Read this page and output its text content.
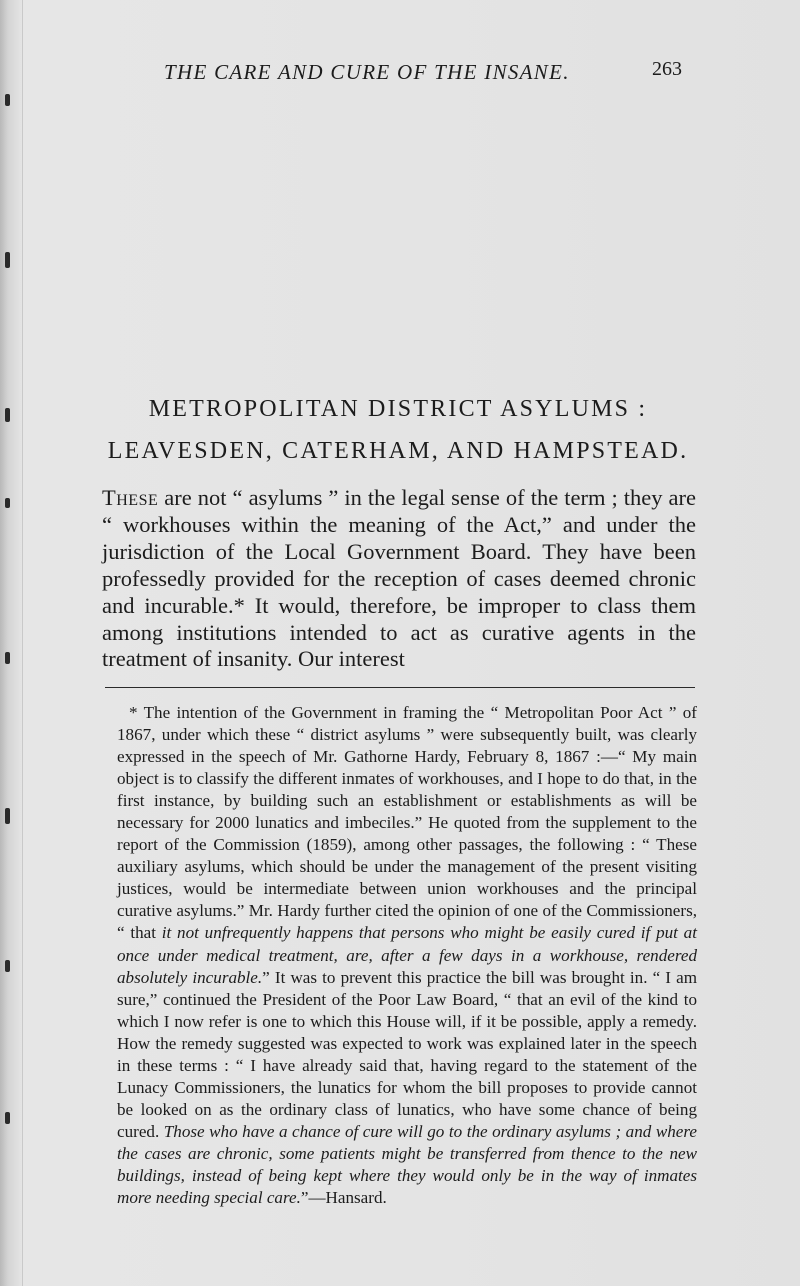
THE CARE AND CURE OF THE INSANE.	263
METROPOLITAN DISTRICT ASYLUMS :
LEAVESDEN, CATERHAM, AND HAMPSTEAD.

These are not “ asylums ” in the legal sense of the term ; they are “ workhouses within the meaning of the Act,” and under the jurisdiction of the Local Government Board. They have been professedly provided for the reception of cases deemed chronic and incurable.* It would, therefore, be improper to class them among institutions intended to act as curative agents in the treatment of insanity. Our interest

* The intention of the Government in framing the “ Metropolitan Poor Act ” of 1867, under which these “ district asylums ” were subsequently built, was clearly expressed in the speech of Mr. Gathorne Hardy, February 8, 1867 :—“ My main object is to classify the different inmates of workhouses, and I hope to do that, in the first instance, by building such an establishment or establishments as will be necessary for 2000 lunatics and imbeciles.” He quoted from the supplement to the report of the Commission (1859), among other passages, the following : “ These auxiliary asylums, which should be under the management of the present visiting justices, would be intermediate between union workhouses and the principal curative asylums.” Mr. Hardy further cited the opinion of one of the Commissioners, “ that it not unfrequently happens that persons who might be easily cured if put at once under medical treatment, are, after a few days in a workhouse, rendered absolutely incurable.” It was to prevent this practice the bill was brought in. “ I am sure,” continued the President of the Poor Law Board, “ that an evil of the kind to which I now refer is one to which this House will, if it be possible, apply a remedy. How the remedy suggested was expected to work was explained later in the speech in these terms : “ I have already said that, having regard to the statement of the Lunacy Commissioners, the lunatics for whom the bill proposes to provide cannot be looked on as the ordinary class of lunatics, who have some chance of being cured. Those who have a chance of cure will go to the ordinary asylums ; and where the cases are chronic, some patients might be transferred from thence to the new buildings, instead of being kept where they would only be in the way of inmates more needing special care.”—Hansard.
